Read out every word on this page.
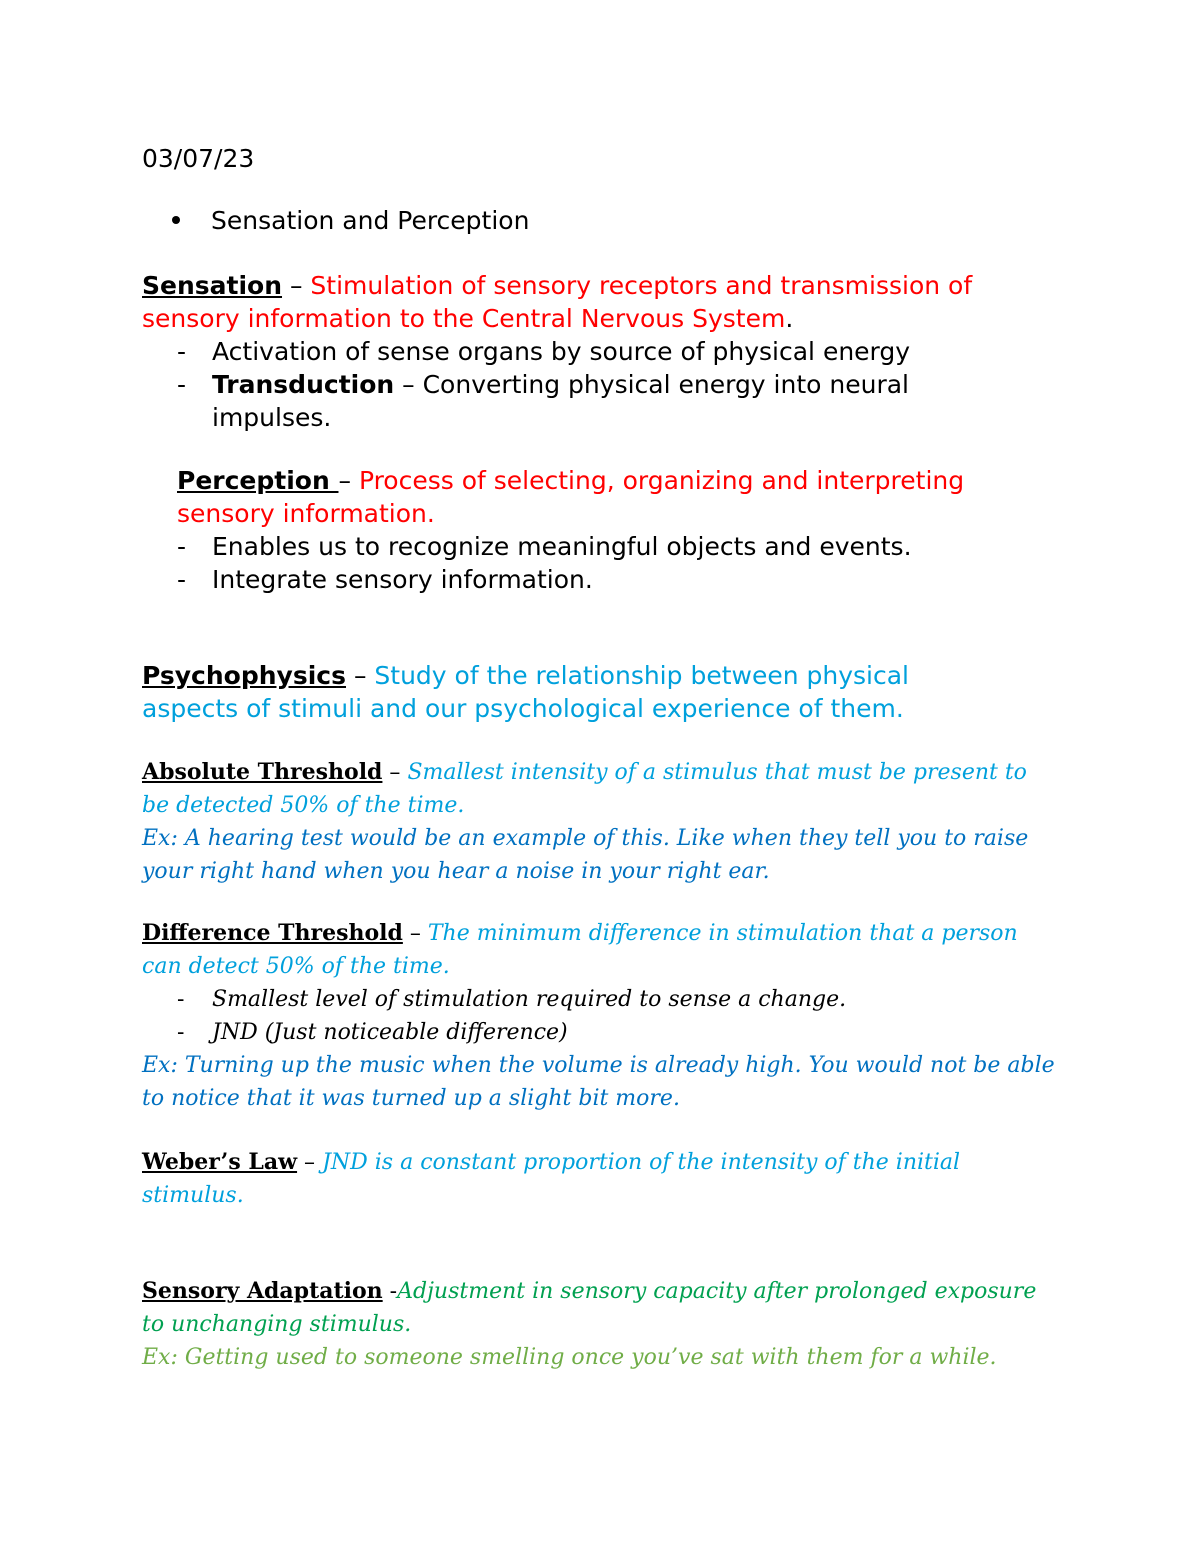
03/07/23
Sensation and Perception
Sensation – Stimulation of sensory receptors and transmission of
sensory information to the Central Nervous System.
- Activation of sense organs by source of physical energy
- Transduction – Converting physical energy into neural
impulses.
Perception – Process of selecting, organizing and interpreting
sensory information.
- Enables us to recognize meaningful objects and events.
- Integrate sensory information.
Psychophysics – Study of the relationship between physical
aspects of stimuli and our psychological experience of them.
Absolute Threshold – Smallest intensity of a stimulus that must be present to
be detected 50% of the time.
Ex: A hearing test would be an example of this. Like when they tell you to raise
your right hand when you hear a noise in your right ear.
Difference Threshold – The minimum difference in stimulation that a person
can detect 50% of the time.
- Smallest level of stimulation required to sense a change.
- JND (Just noticeable difference)
Ex: Turning up the music when the volume is already high. You would not be able
to notice that it was turned up a slight bit more.
Weber’s Law – JND is a constant proportion of the intensity of the initial
stimulus.
Sensory Adaptation -Adjustment in sensory capacity after prolonged exposure
to unchanging stimulus.
Ex: Getting used to someone smelling once you’ve sat with them for a while.
